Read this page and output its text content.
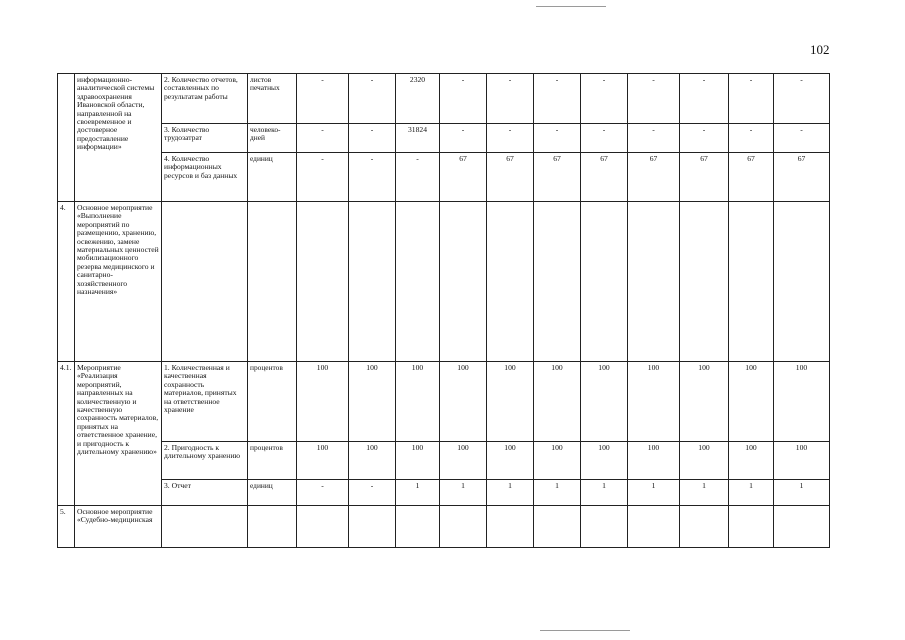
102
	информационно-аналитической системы здравоохранения Ивановской области, направленной на своевременное и достоверное предоставление информации»	2. Количество отчетов, составленных по результатам работы	листов печатных	-	-	2320	-	-	-	-	-	-	-	-
		3. Количество трудозатрат	человеко-дней	-	-	31824	-	-	-	-	-	-	-	-
		4. Количество информационных ресурсов и баз данных	единиц	-	-	-	67	67	67	67	67	67	67	67
4.	Основное мероприятие «Выполнение мероприятий по размещению, хранению, освежению, замене материальных ценностей мобилизационного резерва медицинского и санитарно-хозяйственного назначения»													
4.1.	Мероприятие «Реализация мероприятий, направленных на количественную и качественную сохранность материалов, принятых на ответственное хранение, и пригодность к длительному хранению»	1. Количественная и качественная сохранность материалов, принятых на ответственное хранение	процентов	100	100	100	100	100	100	100	100	100	100	100
		2. Пригодность к длительному хранению	процентов	100	100	100	100	100	100	100	100	100	100	100
		3. Отчет	единиц	-	-	1	1	1	1	1	1	1	1	1
5.	Основное мероприятие «Судебно-медицинская													
